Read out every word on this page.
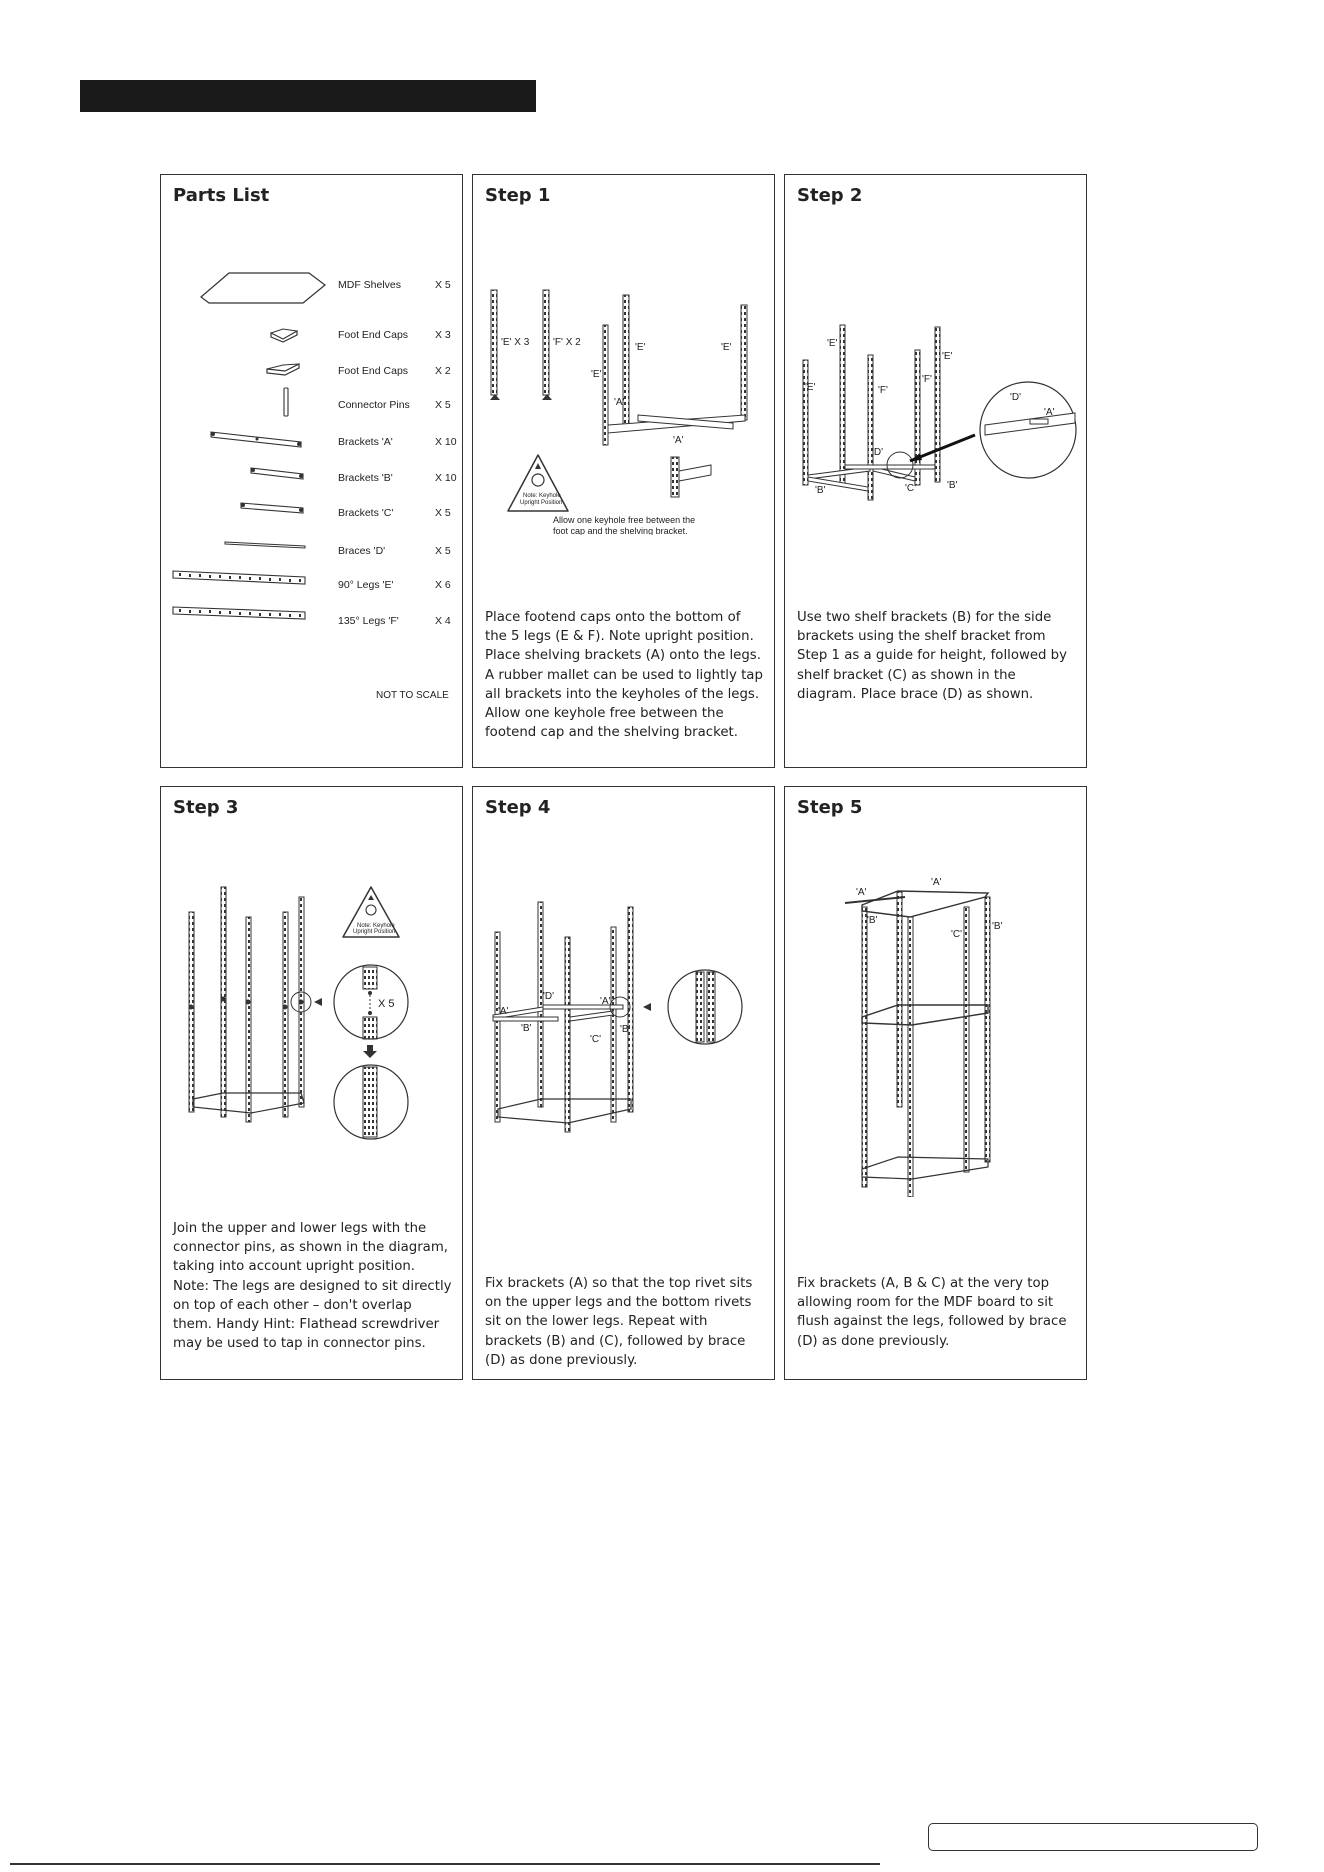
Parts List
MDF Shelves	X 5
Foot End Caps	X 3
Foot End Caps	X 2
Connector Pins X 5
Brackets 'A'	X 10
Brackets 'B'	X 10
Brackets 'C'	X 5
Braces 'D'	X 5
90° Legs 'E'	X 6
135° Legs 'F'	X 4
NOT TO SCALE
Step 1
'E' X 3 'F' X 2	'E'
'E'
'E'
'A'
'A'
Note: Keyhole
Upright Position
Allow one keyhole free between the
foot cap and the shelving bracket.

Place footend caps onto the bottom of the 5 legs (E & F). Note upright position. Place shelving brackets (A) onto the legs. A rubber mallet can be used to lightly tap all brackets into the keyholes of the legs. Allow one keyhole free between the footend cap and the shelving bracket.

Step 2
'E'
'E'
'E'
'F'
'F'
'D'
'D'
'A'
'B'	'B'
'C'

Use two shelf brackets (B) for the side brackets using the shelf bracket from Step 1 as a guide for height, followed by shelf bracket (C) as shown in the diagram. Place brace (D) as shown.

Step 3
Note: Keyhole
Upright Position
X 5

Join the upper and lower legs with the connector pins, as shown in the diagram, taking into account upright position. Note: The legs are designed to sit directly on top of each other – don't overlap them. Handy Hint: Flathead screwdriver may be used to tap in connector pins.

Step 4
'D'	'A'
'A'
'B'	'B'
'C'

Fix brackets (A) so that the top rivet sits on the upper legs and the bottom rivets sit on the lower legs. Repeat with brackets (B) and (C), followed by brace (D) as done previously.

Step 5
'A'
'A'
'B'
'B'
'C'

Fix brackets (A, B & C) at the very top allowing room for the MDF board to sit flush against the legs, followed by brace (D) as done previously.
